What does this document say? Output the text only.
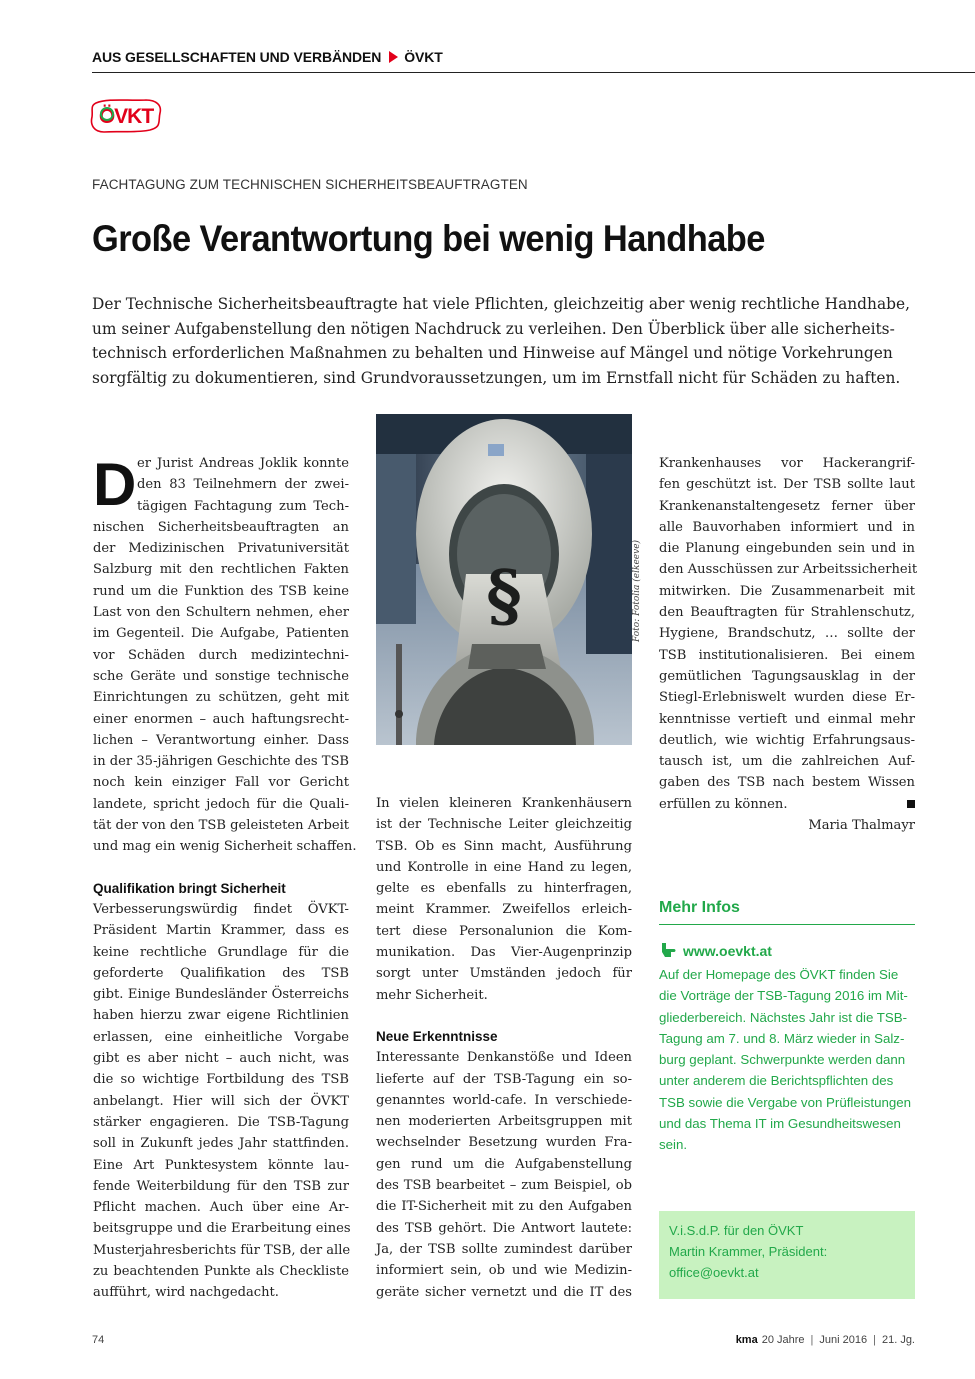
AUS GESELLSCHAFTEN UND VERBÄNDEN ÖVKT
ÖVKT
FACHTAGUNG ZUM TECHNISCHEN SICHERHEITSBEAUFTRAGTEN
Große Verantwortung bei wenig Handhabe
Der Technische Sicherheitsbeauftragte hat viele Pflichten, gleichzeitig aber wenig rechtliche Handhabe,
um seiner Aufgabenstellung den nötigen Nachdruck zu verleihen. Den Überblick über alle sicherheits-
technisch erforderlichen Maßnahmen zu behalten und Hinweise auf Mängel und nötige Vorkehrungen
sorgfältig zu dokumentieren, sind Grundvoraussetzungen, um im Ernstfall nicht für Schäden zu haften.
D er Jurist Andreas Joklik konnte
den 83 Teilnehmern der zwei-
tägigen Fachtagung zum Tech-
nischen Sicherheitsbeauftragten an
der Medizinischen Privatuniversität
Salzburg mit den rechtlichen Fakten
rund um die Funktion des TSB keine
Last von den Schultern nehmen, eher
im Gegenteil. Die Aufgabe, Patienten
vor Schäden durch medizintechni-
sche Geräte und sonstige technische
Einrichtungen zu schützen, geht mit
einer enormen – auch haftungsrecht-
lichen – Verantwortung einher. Dass
in der 35-jährigen Geschichte des TSB
noch kein einziger Fall vor Gericht
landete, spricht jedoch für die Quali-
tät der von den TSB geleisteten Arbeit
und mag ein wenig Sicherheit schaffen.
Qualifikation bringt Sicherheit
Verbesserungswürdig findet ÖVKT-
Präsident Martin Krammer, dass es
keine rechtliche Grundlage für die
geforderte Qualifikation des TSB
gibt. Einige Bundesländer Österreichs
haben hierzu zwar eigene Richtlinien
erlassen, eine einheitliche Vorgabe
gibt es aber nicht – auch nicht, was
die so wichtige Fortbildung des TSB
anbelangt. Hier will sich der ÖVKT
stärker engagieren. Die TSB-Tagung
soll in Zukunft jedes Jahr stattfinden.
Eine Art Punktesystem könnte lau-
fende Weiterbildung für den TSB zur
Pflicht machen. Auch über eine Ar-
beitsgruppe und die Erarbeitung eines
Musterjahresberichts für TSB, der alle
zu beachtenden Punkte als Checkliste
aufführt, wird nachgedacht.
§	Foto: Fotolia (elkeeve)
In vielen kleineren Krankenhäusern
ist der Technische Leiter gleichzeitig
TSB. Ob es Sinn macht, Ausführung
und Kontrolle in eine Hand zu legen,
gelte es ebenfalls zu hinterfragen,
meint Krammer. Zweifellos erleich-
tert diese Personalunion die Kom-
munikation. Das Vier-Augenprinzip
sorgt unter Umständen jedoch für
mehr Sicherheit.
Neue Erkenntnisse
Interessante Denkanstöße und Ideen
lieferte auf der TSB-Tagung ein so-
genanntes world-cafe. In verschiede-
nen moderierten Arbeitsgruppen mit
wechselnder Besetzung wurden Fra-
gen rund um die Aufgabenstellung
des TSB bearbeitet – zum Beispiel, ob
die IT-Sicherheit mit zu den Aufgaben
des TSB gehört. Die Antwort lautete:
Ja, der TSB sollte zumindest darüber
informiert sein, ob und wie Medizin-
geräte sicher vernetzt und die IT des
Krankenhauses vor Hackerangrif-
fen geschützt ist. Der TSB sollte laut
Krankenanstaltengesetz ferner über
alle Bauvorhaben informiert und in
die Planung eingebunden sein und in
den Ausschüssen zur Arbeitssicherheit
mitwirken. Die Zusammenarbeit mit
den Beauftragten für Strahlenschutz,
Hygiene, Brandschutz, … sollte der
TSB institutionalisieren. Bei einem
gemütlichen Tagungsausklag in der
Stiegl-Erlebniswelt wurden diese Er-
kenntnisse vertieft und einmal mehr
deutlich, wie wichtig Erfahrungsaus-
tausch ist, um die zahlreichen Auf-
gaben des TSB nach bestem Wissen
erfüllen zu können.
Maria Thalmayr
Mehr Infos
www.oevkt.at
Auf der Homepage des ÖVKT finden Sie
die Vorträge der TSB-Tagung 2016 im Mit-
gliederbereich. Nächstes Jahr ist die TSB-
Tagung am 7. und 8. März wieder in Salz-
burg geplant. Schwerpunkte werden dann
unter anderem die Berichtspflichten des
TSB sowie die Vergabe von Prüfleistungen
und das Thema IT im Gesundheitswesen
sein.
V.i.S.d.P. für den ÖVKT
Martin Krammer, Präsident:
office@oevkt.at
74	kma 20 Jahre | Juni 2016 | 21. Jg.
